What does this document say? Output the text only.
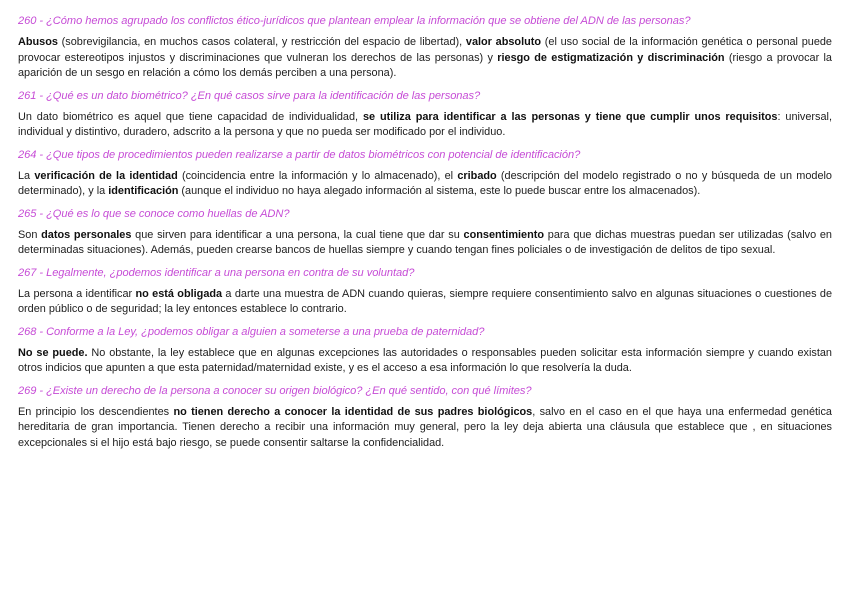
260 - ¿Cómo hemos agrupado los conflictos ético-jurídicos que plantean emplear la información que se obtiene del ADN de las personas?

Abusos (sobrevigilancia, en muchos casos colateral, y restricción del espacio de libertad), valor absoluto (el uso social de la información genética o personal puede provocar estereotipos injustos y discriminaciones que vulneran los derechos de las personas) y riesgo de estigmatización y discriminación (riesgo a provocar la aparición de un sesgo en relación a cómo los demás perciben a una persona).

261 - ¿Qué es un dato biométrico? ¿En qué casos sirve para la identificación de las personas?

Un dato biométrico es aquel que tiene capacidad de individualidad, se utiliza para identificar a las personas y tiene que cumplir unos requisitos: universal, individual y distintivo, duradero, adscrito a la persona y que no pueda ser modificado por el individuo.

264 - ¿Que tipos de procedimientos pueden realizarse a partir de datos biométricos con potencial de identificación?

La verificación de la identidad (coincidencia entre la información y lo almacenado), el cribado (descripción del modelo registrado o no y búsqueda de un modelo determinado), y la identificación (aunque el individuo no haya alegado información al sistema, este lo puede buscar entre los almacenados).

265 - ¿Qué es lo que se conoce como huellas de ADN?

Son datos personales que sirven para identificar a una persona, la cual tiene que dar su consentimiento para que dichas muestras puedan ser utilizadas (salvo en determinadas situaciones). Además, pueden crearse bancos de huellas siempre y cuando tengan fines policiales o de investigación de delitos de tipo sexual.

267 - Legalmente, ¿podemos identificar a una persona en contra de su voluntad?

La persona a identificar no está obligada a darte una muestra de ADN cuando quieras, siempre requiere consentimiento salvo en algunas situaciones o cuestiones de orden público o de seguridad; la ley entonces establece lo contrario.

268 - Conforme a la Ley, ¿podemos obligar a alguien a someterse a una prueba de paternidad?

No se puede. No obstante, la ley establece que en algunas excepciones las autoridades o responsables pueden solicitar esta información siempre y cuando existan otros indicios que apunten a que esta paternidad/maternidad existe, y es el acceso a esa información lo que resolvería la duda.

269 - ¿Existe un derecho de la persona a conocer su origen biológico? ¿En qué sentido, con qué límites?

En principio los descendientes no tienen derecho a conocer la identidad de sus padres biológicos, salvo en el caso en el que haya una enfermedad genética hereditaria de gran importancia. Tienen derecho a recibir una información muy general, pero la ley deja abierta una cláusula que establece que , en situaciones excepcionales si el hijo está bajo riesgo, se puede consentir saltarse la confidencialidad.
